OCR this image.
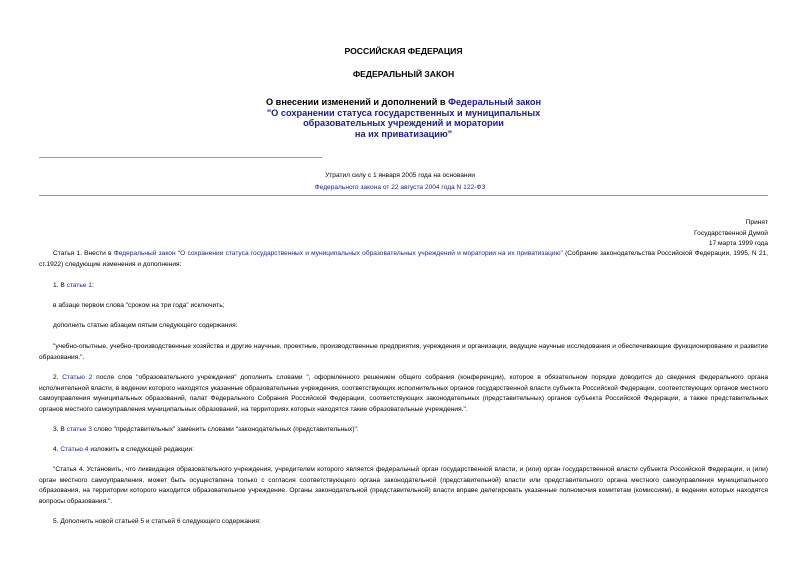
РОССИЙСКАЯ ФЕДЕРАЦИЯ
ФЕДЕРАЛЬНЫЙ ЗАКОН
О внесении изменений и дополнений в Федеральный закон
"О сохранении статуса государственных и муниципальных
образовательных учреждений и моратории
на их приватизацию"
Утратил силу с 1 января 2005 года на основании
Федерального закона от 22 августа 2004 года N 122-ФЗ
Принят
Государственной Думой
17 марта 1999 года
Статья 1. Внести в Федеральный закон "О сохранении статуса государственных и муниципальных образовательных учреждений и моратории на их приватизацию" (Собрание законодательства Российской Федерации, 1995, N 21, ст.1922) следующие изменения и дополнения:
1. В статье 1:
в абзаце первом слова "сроком на три года" исключить;
дополнить статью абзацем пятым следующего содержания:
"учебно-опытные, учебно-производственные хозяйства и другие научные, проектные, производственные предприятия, учреждения и организации, ведущие научные исследования и обеспечивающие функционирование и развитие образования.".
2. Статью 2 после слов "образовательного учреждения" дополнить словами ", оформленного решением общего собрания (конференции), которое в обязательном порядке доводится до сведения федерального органа исполнительной власти, в ведении которого находятся указанные образовательные учреждения, соответствующих исполнительных органов государственной власти субъекта Российской Федерации, соответствующих органов местного самоуправления муниципальных образований, палат Федерального Собрания Российской Федерации, соответствующих законодательных (представительных) органов субъекта Российской Федерации, а также представительных органов местного самоуправления муниципальных образований, на территориях которых находятся такие образовательные учреждения.".
3. В статье 3 слово "представительных" заменить словами "законодательных (представительных)".
4. Статью 4 изложить в следующей редакции:
"Статья 4. Установить, что ликвидация образовательного учреждения, учредителем которого является федеральный орган государственной власти, и (или) орган государственной власти субъекта Российской Федерации, и (или) орган местного самоуправления, может быть осуществлена только с согласия соответствующего органа законодательной (представительной) власти или представительного органа местного самоуправления муниципального образования, на территории которого находится образовательное учреждение. Органы законодательной (представительной) власти вправе делегировать указанные полномочия комитетам (комиссиям), в ведении которых находятся вопросы образования.".
5. Дополнить новой статьей 5 и статьей 6 следующего содержания:
